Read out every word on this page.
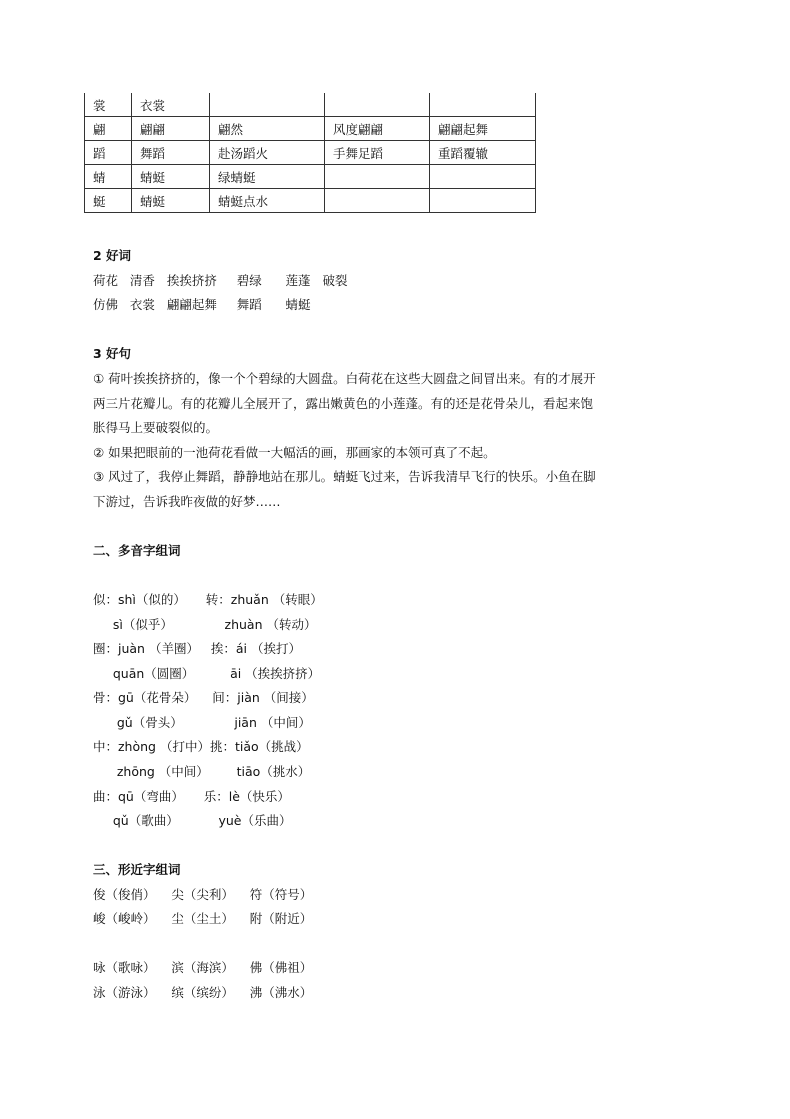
裳	衣裳			
翩	翩翩	翩然	风度翩翩	翩翩起舞
蹈	舞蹈	赴汤蹈火	手舞足蹈	重蹈覆辙
蜻	蜻蜓	绿蜻蜓		
蜓	蜻蜓	蜻蜓点水		
2 好词
荷花   清香   挨挨挤挤     碧绿      莲蓬   破裂
仿佛   衣裳   翩翩起舞     舞蹈      蜻蜓
3 好句
① 荷叶挨挨挤挤的，像一个个碧绿的大圆盘。白荷花在这些大圆盘之间冒出来。有的才展开
两三片花瓣儿。有的花瓣儿全展开了，露出嫩黄色的小莲蓬。有的还是花骨朵儿，看起来饱
胀得马上要破裂似的。
② 如果把眼前的一池荷花看做一大幅活的画，那画家的本领可真了不起。
③ 风过了，我停止舞蹈，静静地站在那儿。蜻蜓飞过来，告诉我清早飞行的快乐。小鱼在脚
下游过，告诉我昨夜做的好梦……
二、多音字组词
似：shì（似的）     转：zhuǎn （转眼）
sì（似乎）             zhuàn （转动）
圈：juàn （羊圈）   挨：ái （挨打）
quān（圆圈）         āi （挨挨挤挤）
骨：gū（花骨朵）    间：jiàn （间接）
gǔ（骨头）             jiān （中间）
中：zhòng （打中）挑：tiǎo（挑战）
zhōng （中间）       tiāo（挑水）
曲：qū（弯曲）     乐：lè（快乐）
qǔ（歌曲）          yuè（乐曲）
三、形近字组词
俊（俊俏）    尖（尖利）    符（符号）
峻（峻岭）    尘（尘土）    附（附近）
咏（歌咏）    滨（海滨）    佛（佛祖）
泳（游泳）    缤（缤纷）    沸（沸水）
